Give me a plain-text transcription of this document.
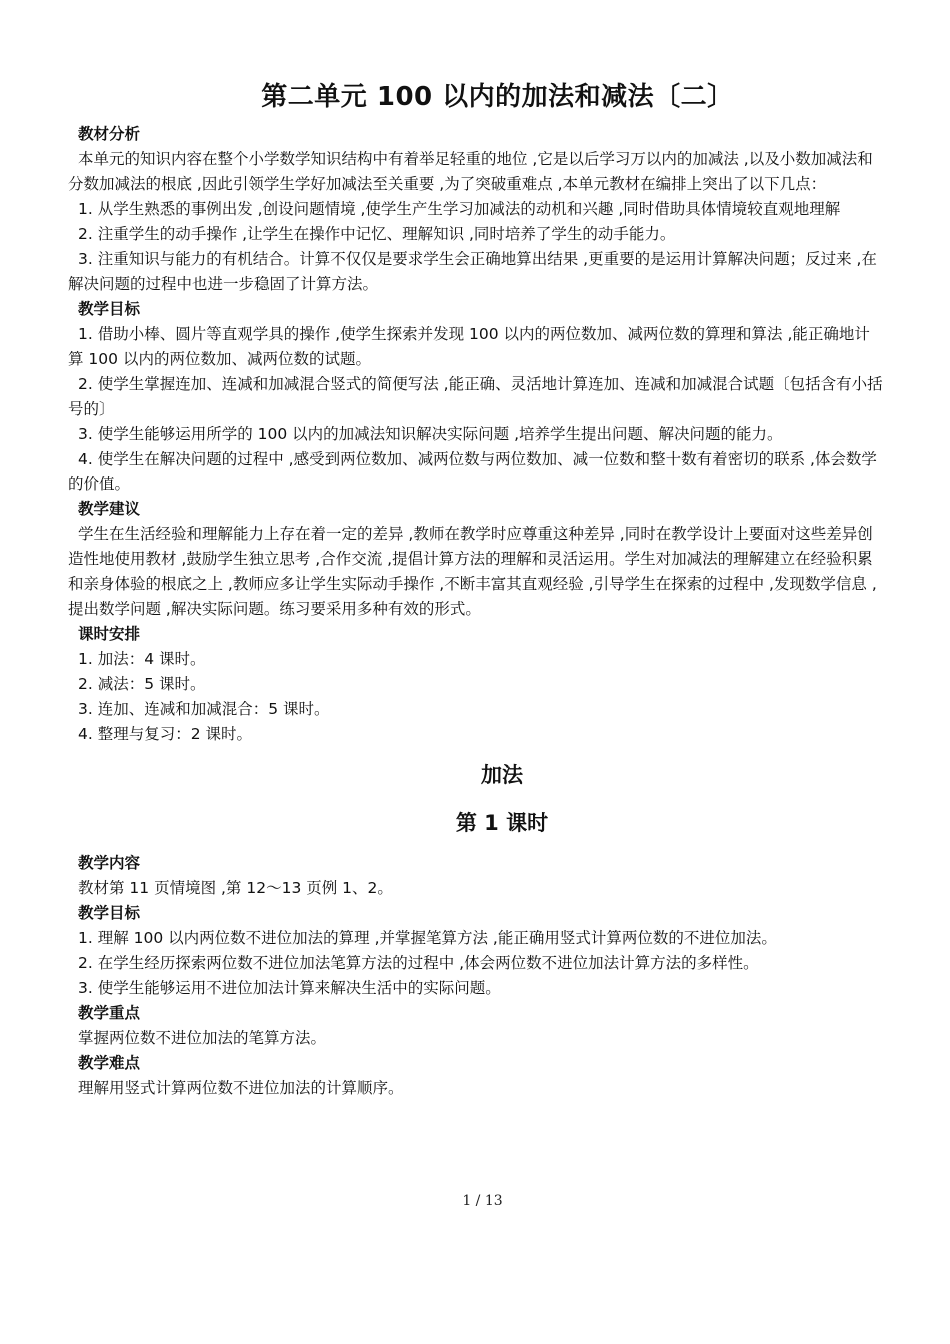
第二单元 100 以内的加法和减法〔二〕
教材分析

本单元的知识内容在整个小学数学知识结构中有着举足轻重的地位 ,它是以后学习万以内的加减法 ,以及小数加减法和分数加减法的根底 ,因此引领学生学好加减法至关重要 ,为了突破重难点 ,本单元教材在编排上突出了以下几点：

1. 从学生熟悉的事例出发 ,创设问题情境 ,使学生产生学习加减法的动机和兴趣 ,同时借助具体情境较直观地理解
2. 注重学生的动手操作 ,让学生在操作中记忆、理解知识 ,同时培养了学生的动手能力。
3. 注重知识与能力的有机结合。计算不仅仅是要求学生会正确地算出结果 ,更重要的是运用计算解决问题；反过来 ,在解决问题的过程中也进一步稳固了计算方法。
教学目标
1. 借助小棒、圆片等直观学具的操作 ,使学生探索并发现 100 以内的两位数加、减两位数的算理和算法 ,能正确地计算 100 以内的两位数加、减两位数的试题。
2. 使学生掌握连加、连减和加减混合竖式的简便写法 ,能正确、灵活地计算连加、连减和加减混合试题〔包括含有小括号的〕
3. 使学生能够运用所学的 100 以内的加减法知识解决实际问题 ,培养学生提出问题、解决问题的能力。
4. 使学生在解决问题的过程中 ,感受到两位数加、减两位数与两位数加、减一位数和整十数有着密切的联系 ,体会数学的价值。
教学建议

学生在生活经验和理解能力上存在着一定的差异 ,教师在教学时应尊重这种差异 ,同时在教学设计上要面对这些差异创造性地使用教材 ,鼓励学生独立思考 ,合作交流 ,提倡计算方法的理解和灵活运用。学生对加减法的理解建立在经验积累和亲身体验的根底之上 ,教师应多让学生实际动手操作 ,不断丰富其直观经验 ,引导学生在探索的过程中 ,发现数学信息 ,提出数学问题 ,解决实际问题。练习要采用多种有效的形式。

课时安排
1. 加法：4 课时。
2. 减法：5 课时。
3. 连加、连减和加减混合：5 课时。
4. 整理与复习：2 课时。
加法
第 1 课时
教学内容
教材第 11 页情境图 ,第 12～13 页例 1、2。
教学目标
1. 理解 100 以内两位数不进位加法的算理 ,并掌握笔算方法 ,能正确用竖式计算两位数的不进位加法。
2. 在学生经历探索两位数不进位加法笔算方法的过程中 ,体会两位数不进位加法计算方法的多样性。
3. 使学生能够运用不进位加法计算来解决生活中的实际问题。
教学重点
掌握两位数不进位加法的笔算方法。
教学难点
理解用竖式计算两位数不进位加法的计算顺序。
1 / 13
